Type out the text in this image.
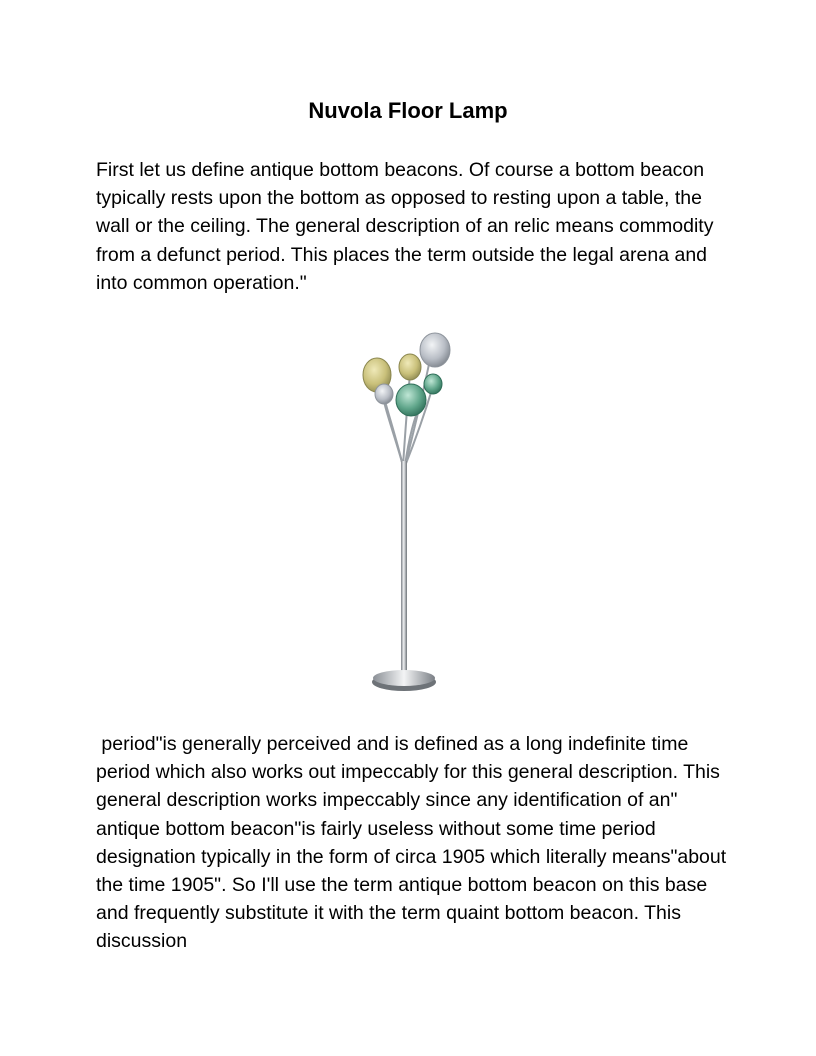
Nuvola Floor Lamp

First let us define antique bottom beacons. Of course a bottom beacon typically rests upon the bottom as opposed to resting upon a table, the wall or the ceiling. The general description of an relic means commodity from a defunct period. This places the term outside the legal arena and into common operation."

period"is generally perceived and is defined as a long indefinite time period which also works out impeccably for this general description. This general description works impeccably since any identification of an" antique bottom beacon"is fairly useless without some time period designation typically in the form of circa 1905 which literally means"about the time 1905". So I'll use the term antique bottom beacon on this base and frequently substitute it with the term quaint bottom beacon. This discussion
